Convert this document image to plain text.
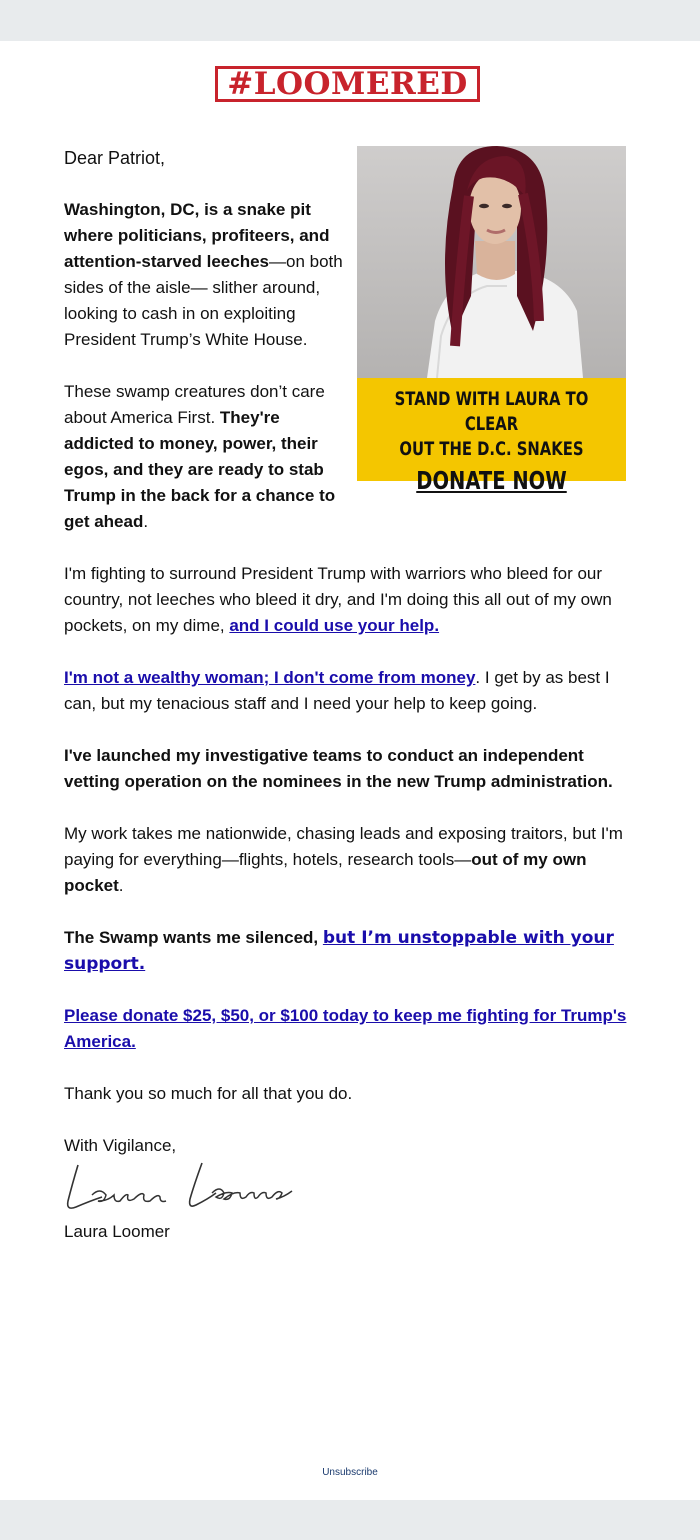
#LOOMERED
STAND WITH LAURA TO CLEAR
OUT THE D.C. SNAKES
DONATE NOW

Dear Patriot,

Washington, DC, is a snake pit where politicians, profiteers, and attention-starved leeches—on both sides of the aisle— slither around, looking to cash in on exploiting President Trump’s White House.

These swamp creatures don’t care about America First. They're addicted to money, power, their egos, and they are ready to stab Trump in the back for a chance to get ahead.

I'm fighting to surround President Trump with warriors who bleed for our country, not leeches who bleed it dry, and I'm doing this all out of my own pockets, on my dime, and I could use your help.

I'm not a wealthy woman; I don't come from money. I get by as best I can, but my tenacious staff and I need your help to keep going.

I've launched my investigative teams to conduct an independent vetting operation on the nominees in the new Trump administration.

My work takes me nationwide, chasing leads and exposing traitors, but I'm paying for everything—flights, hotels, research tools—out of my own pocket.

The Swamp wants me silenced, but I’m unstoppable with your support.

Please donate $25, $50, or $100 today to keep me fighting for Trump's America.

Thank you so much for all that you do.

With Vigilance,

Laura Loomer

Unsubscribe
